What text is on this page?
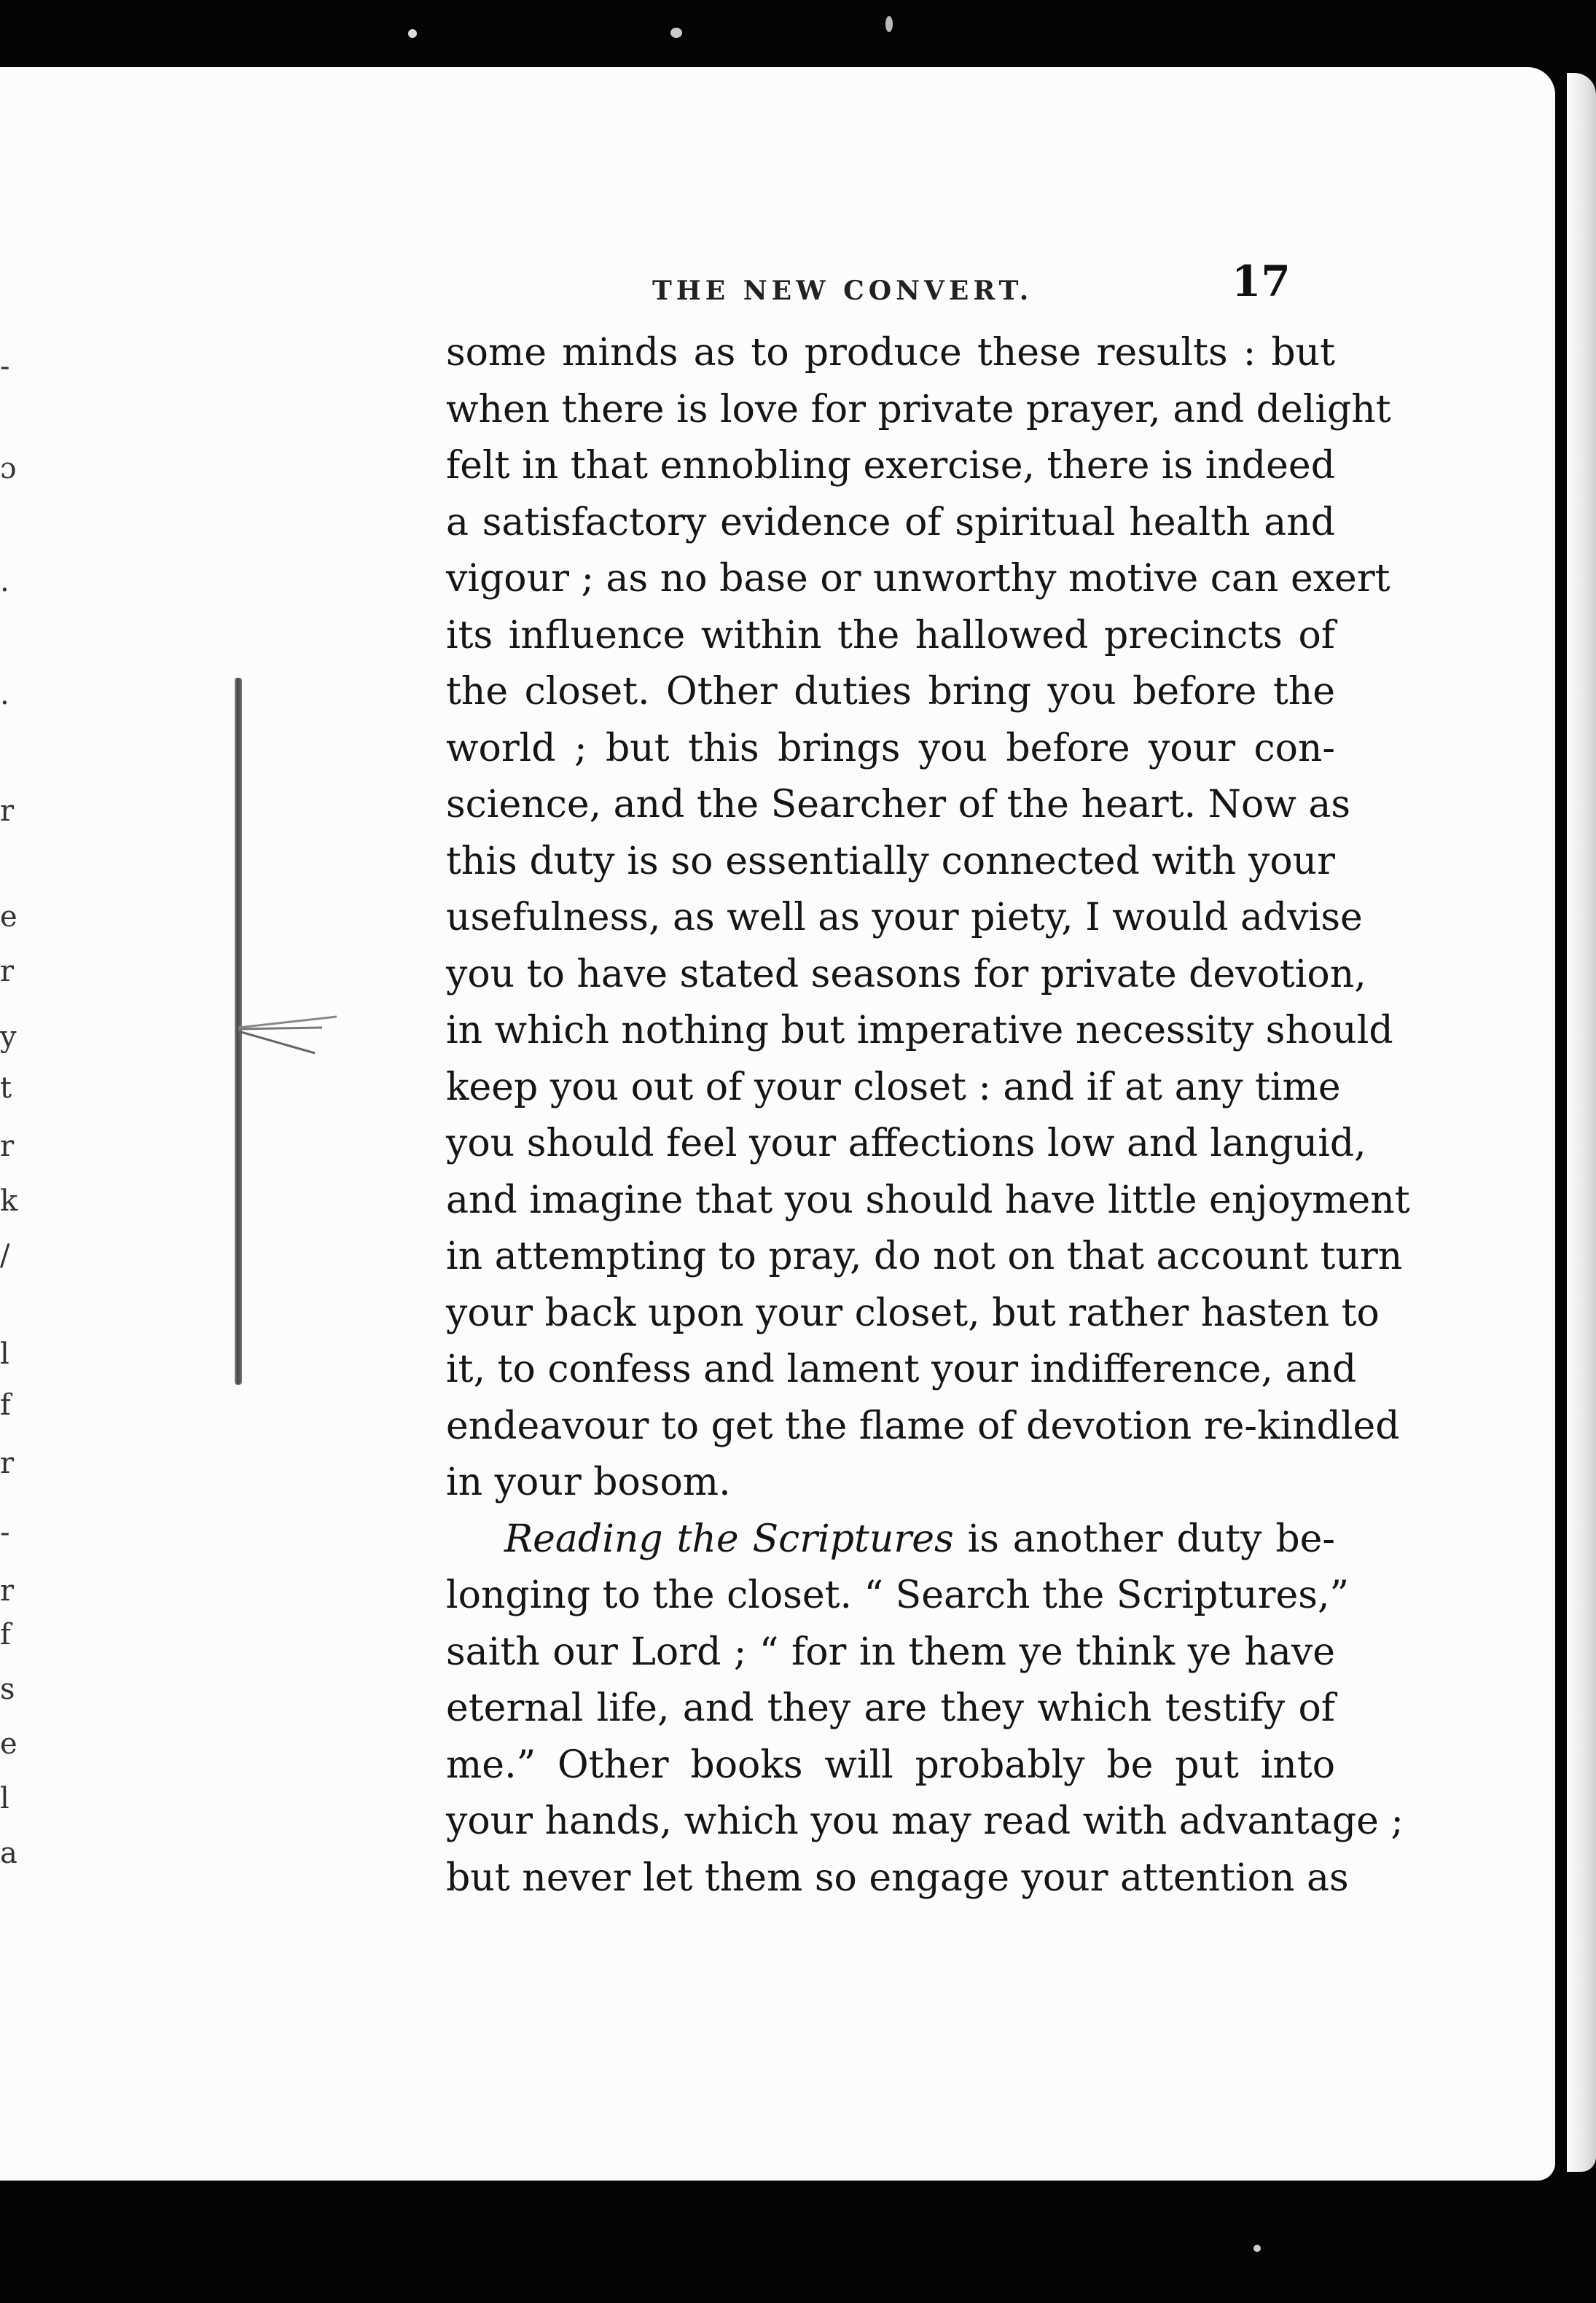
-
ɔ
.
.
r
e
r
y
t
r
k
/
l
f
r
-
r
f
s
e
l
a
THE NEW CONVERT.	17
some minds as to produce these results : but
when there is love for private prayer, and delight
felt in that ennobling exercise, there is indeed
a satisfactory evidence of spiritual health and
vigour ; as no base or unworthy motive can exert
its influence within the hallowed precincts of
the closet. Other duties bring you before the
world ; but this brings you before your con-
science, and the Searcher of the heart. Now as
this duty is so essentially connected with your
usefulness, as well as your piety, I would advise
you to have stated seasons for private devotion,
in which nothing but imperative necessity should
keep you out of your closet : and if at any time
you should feel your affections low and languid,
and imagine that you should have little enjoyment
in attempting to pray, do not on that account turn
your back upon your closet, but rather hasten to
it, to confess and lament your indifference, and
endeavour to get the flame of devotion re-kindled
in your bosom.
Reading the Scriptures is another duty be-
longing to the closet. “ Search the Scriptures,”
saith our Lord ; “ for in them ye think ye have
eternal life, and they are they which testify of
me.” Other books will probably be put into
your hands, which you may read with advantage ;
but never let them so engage your attention as
